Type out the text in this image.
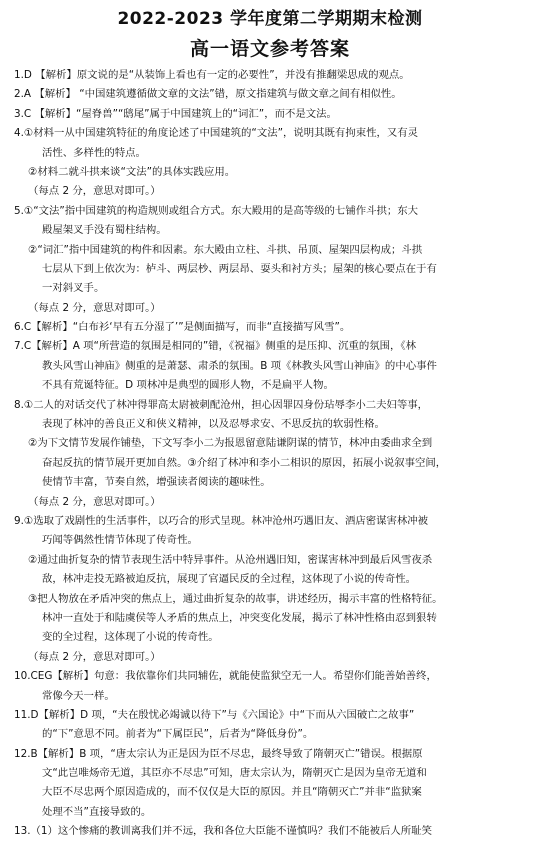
2022-2023 学年度第二学期期末检测
高一语文参考答案
1.D 【解析】原文说的是“从装饰上看也有一定的必要性”，并没有推翻梁思成的观点。
2.A 【解析】 “中国建筑遵循做文章的文法”错，原文指建筑与做文章之间有相似性。
3.C 【解析】“屋脊兽”“鸱尾”属于中国建筑上的“词汇”，而不是文法。
4.①材料一从中国建筑特征的角度论述了中国建筑的“文法”，说明其既有拘束性，又有灵
活性、多样性的特点。
②材料二就斗拱来谈“文法”的具体实践应用。
（每点 2 分，意思对即可。）
5.①“文法”指中国建筑的构造规则或组合方式。东大殿用的是高等级的七铺作斗拱；东大
殿屋架叉手没有蜀柱结构。
②“词汇”指中国建筑的构件和因素。东大殿由立柱、斗拱、吊顶、屋架四层构成；斗拱
七层从下到上依次为：栌斗、两层杪、两层昂、耍头和衬方头；屋架的核心要点在于有
一对斜叉手。
（每点 2 分，意思对即可。）
6.C【解析】“白布衫‘早有五分湿了’”是侧面描写，而非“直接描写风雪”。
7.C【解析】A 项“所营造的氛围是相同的”错，《祝福》侧重的是压抑、沉重的氛围，《林
教头风雪山神庙》侧重的是萧瑟、肃杀的氛围。B 项《林教头风雪山神庙》的中心事件
不具有荒诞特征。D 项林冲是典型的圆形人物，不是扁平人物。
8.①二人的对话交代了林冲得罪高太尉被刺配沧州，担心因罪囚身份玷辱李小二夫妇等事，
表现了林冲的善良正义和侠义精神，以及忍辱求安、不思反抗的软弱性格。
②为下文情节发展作铺垫，下文写李小二为报恩留意陆谦阴谋的情节，林冲由委曲求全到
奋起反抗的情节展开更加自然。③介绍了林冲和李小二相识的原因，拓展小说叙事空间，
使情节丰富，节奏自然，增强读者阅读的趣味性。
（每点 2 分，意思对即可。）
9.①选取了戏剧性的生活事件，以巧合的形式呈现。林冲沧州巧遇旧友、酒店密谋害林冲被
巧闻等偶然性情节体现了传奇性。
②通过曲折复杂的情节表现生活中特异事件。从沧州遇旧知，密谋害林冲到最后风雪夜杀
敌，林冲走投无路被迫反抗，展现了官逼民反的全过程，这体现了小说的传奇性。
③把人物放在矛盾冲突的焦点上，通过曲折复杂的故事，讲述经历，揭示丰富的性格特征。
林冲一直处于和陆虞侯等人矛盾的焦点上，冲突变化发展，揭示了林冲性格由忍到狠转
变的全过程，这体现了小说的传奇性。
（每点 2 分，意思对即可。）
10.CEG【解析】句意：我依靠你们共同辅佐，就能使监狱空无一人。希望你们能善始善终，
常像今天一样。
11.D【解析】D 项，“夫在殷忧必竭诚以待下”与《六国论》中“下而从六国破亡之故事”
的“下”意思不同。前者为“下属臣民”，后者为“降低身份”。
12.B【解析】B 项，“唐太宗认为正是因为臣不尽忠，最终导致了隋朝灭亡”错误。根据原
文“此岂唯炀帝无道，其臣亦不尽忠”可知，唐太宗认为，隋朝灭亡是因为皇帝无道和
大臣不尽忠两个原因造成的，而不仅仅是大臣的原因。并且“隋朝灭亡”并非“监狱案
处理不当”直接导致的。
13.（1）这个惨痛的教训离我们并不远，我和各位大臣能不谨慎吗？我们不能被后人所耻笑
